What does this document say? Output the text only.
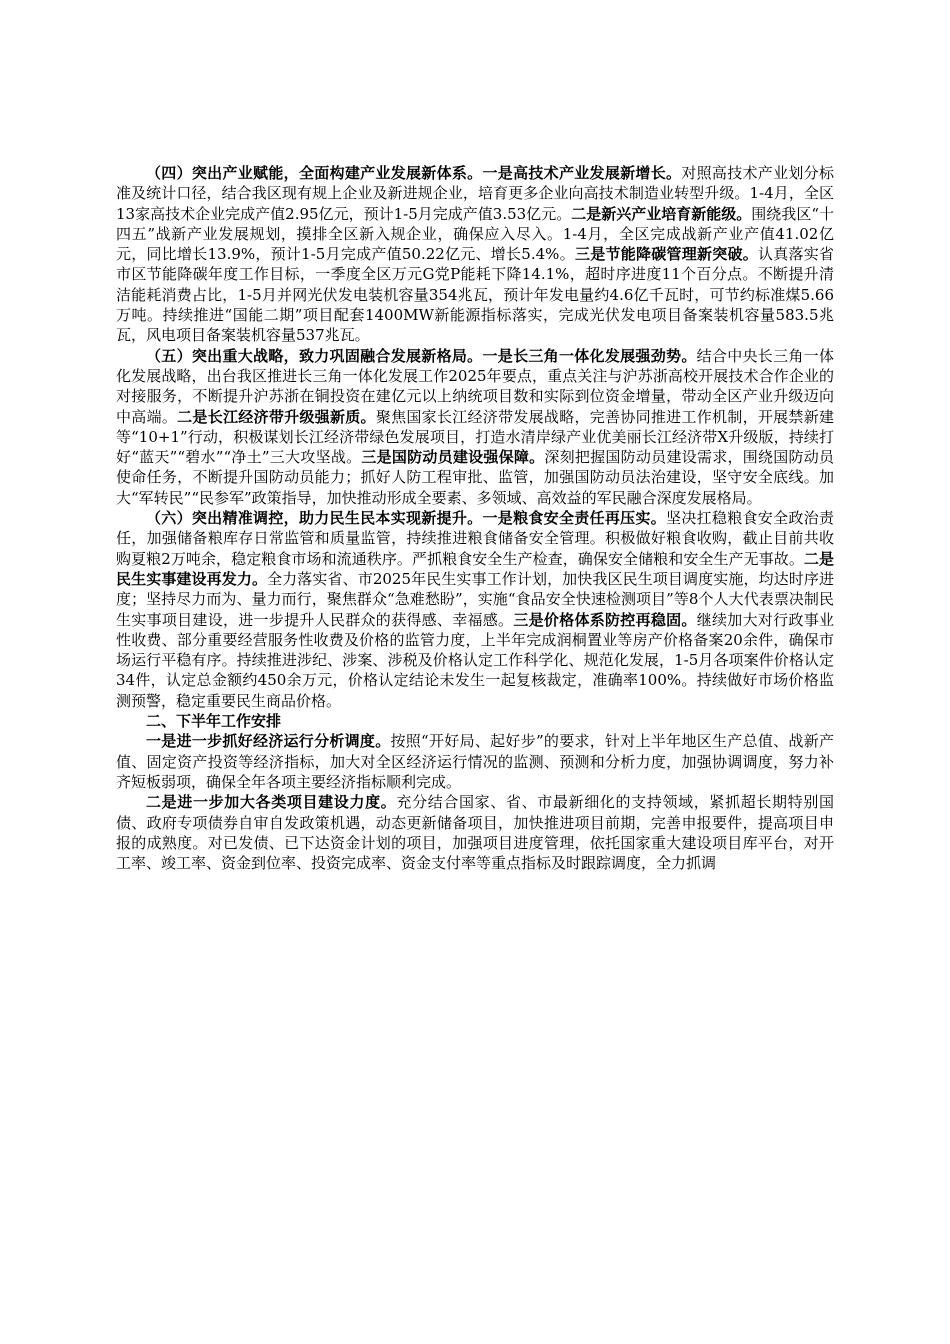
（四）突出产业赋能，全面构建产业发展新体系。一是高技术产业发展新增长。对照高技术产业划分标准及统计口径，结合我区现有规上企业及新进规企业，培育更多企业向高技术制造业转型升级。1-4月，全区13家高技术企业完成产值2.95亿元，预计1-5月完成产值3.53亿元。二是新兴产业培育新能级。围绕我区“十四五”战新产业发展规划，摸排全区新入规企业，确保应入尽入。1-4月，全区完成战新产业产值41.02亿元，同比增长13.9%，预计1-5月完成产值50.22亿元、增长5.4%。三是节能降碳管理新突破。认真落实省市区节能降碳年度工作目标，一季度全区万元G党P能耗下降14.1%，超时序进度11个百分点。不断提升清洁能耗消费占比，1-5月并网光伏发电装机容量354兆瓦，预计年发电量约4.6亿千瓦时，可节约标准煤5.66万吨。持续推进“国能二期”项目配套1400MW新能源指标落实，完成光伏发电项目备案装机容量583.5兆瓦，风电项目备案装机容量537兆瓦。

（五）突出重大战略，致力巩固融合发展新格局。一是长三角一体化发展强劲势。结合中央长三角一体化发展战略，出台我区推进长三角一体化发展工作2025年要点，重点关注与沪苏浙高校开展技术合作企业的对接服务，不断提升沪苏浙在铜投资在建亿元以上纳统项目数和实际到位资金增量，带动全区产业升级迈向中高端。二是长江经济带升级强新质。聚焦国家长江经济带发展战略，完善协同推进工作机制，开展禁新建等“10+1”行动，积极谋划长江经济带绿色发展项目，打造水清岸绿产业优美丽长江经济带X升级版，持续打好“蓝天”“碧水”“净土”三大攻坚战。三是国防动员建设强保障。深刻把握国防动员建设需求，围绕国防动员使命任务，不断提升国防动员能力；抓好人防工程审批、监管，加强国防动员法治建设，坚守安全底线。加大“军转民”“民参军”政策指导，加快推动形成全要素、多领域、高效益的军民融合深度发展格局。

（六）突出精准调控，助力民生民本实现新提升。一是粮食安全责任再压实。坚决扛稳粮食安全政治责任，加强储备粮库存日常监管和质量监管，持续推进粮食储备安全管理。积极做好粮食收购，截止目前共收购夏粮2万吨余，稳定粮食市场和流通秩序。严抓粮食安全生产检查，确保安全储粮和安全生产无事故。二是民生实事建设再发力。全力落实省、市2025年民生实事工作计划，加快我区民生项目调度实施，均达时序进度；坚持尽力而为、量力而行，聚焦群众“急难愁盼”，实施“食品安全快速检测项目”等8个人大代表票决制民生实事项目建设，进一步提升人民群众的获得感、幸福感。三是价格体系防控再稳固。继续加大对行政事业性收费、部分重要经营服务性收费及价格的监管力度，上半年完成润桐置业等房产价格备案20余件，确保市场运行平稳有序。持续推进涉纪、涉案、涉税及价格认定工作科学化、规范化发展，1-5月各项案件价格认定34件，认定总金额约450余万元，价格认定结论未发生一起复核裁定，准确率100%。持续做好市场价格监测预警，稳定重要民生商品价格。

二、下半年工作安排

一是进一步抓好经济运行分析调度。按照“开好局、起好步”的要求，针对上半年地区生产总值、战新产值、固定资产投资等经济指标，加大对全区经济运行情况的监测、预测和分析力度，加强协调调度，努力补齐短板弱项，确保全年各项主要经济指标顺利完成。

二是进一步加大各类项目建设力度。充分结合国家、省、市最新细化的支持领域，紧抓超长期特别国债、政府专项债券自审自发政策机遇，动态更新储备项目，加快推进项目前期，完善申报要件，提高项目申报的成熟度。对已发债、已下达资金计划的项目，加强项目进度管理，依托国家重大建设项目库平台，对开工率、竣工率、资金到位率、投资完成率、资金支付率等重点指标及时跟踪调度，全力抓调
